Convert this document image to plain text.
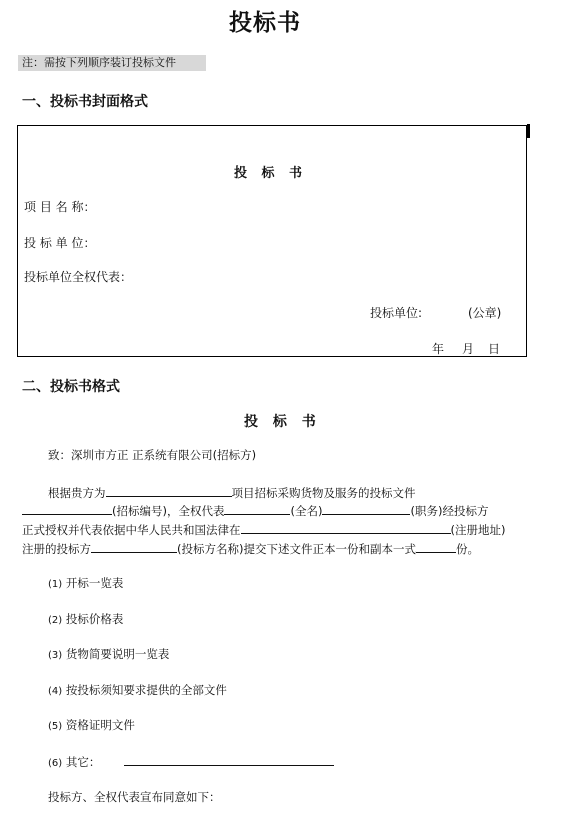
投标书
注：需按下列顺序装订投标文件
一、投标书封面格式
投 标 书
项 目 名 称：
投 标 单 位：
投标单位全权代表：
投标单位:	(公章)
年 月 日
二、投标书格式
投 标 书
致：深圳市方正 正系统有限公司(招标方)
根据贵方为	项目招标采购货物及服务的投标文件
(招标编号)，全权代表	(全名)	(职务)经投标方
正式授权并代表依据中华人民共和国法律在	(注册地址)
注册的投标方	(投标方名称)提交下述文件正本一份和副本一式	份。
(1) 开标一览表
(2) 投标价格表
(3) 货物简要说明一览表
(4) 按投标须知要求提供的全部文件
(5) 资格证明文件
(6) 其它：
投标方、全权代表宣布同意如下：
